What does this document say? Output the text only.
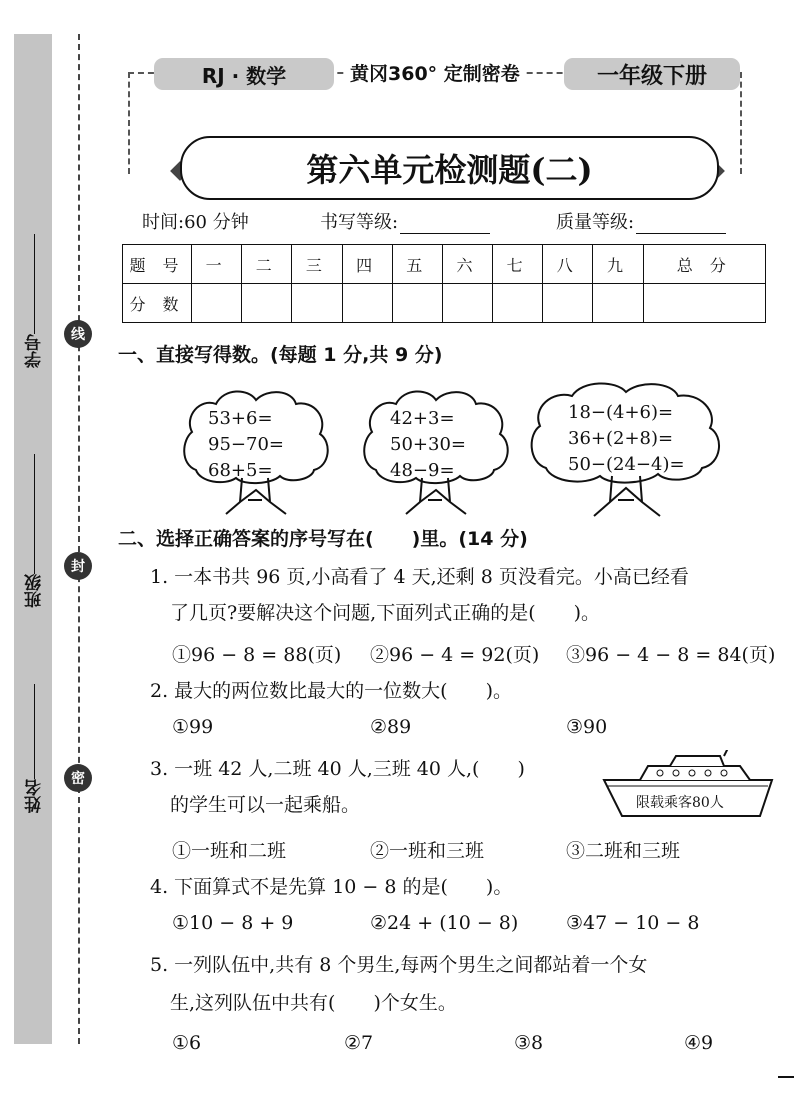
学号
班级
姓名
线
封
密
RJ · 数学	黄冈360° 定制密卷	一年级下册
第六单元检测题(二)
时间:60 分钟	书写等级:	质量等级:
题 号	一	二	三	四	五	六	七	八	九	总 分
分 数										
一、直接写得数。(每题 1 分,共 9 分)
53+6=
95−70=
68+5=
42+3=
50+30=
48−9=
18−(4+6)=
36+(2+8)=
50−(24−4)=
二、选择正确答案的序号写在(　　)里。(14 分)
1. 一本书共 96 页,小高看了 4 天,还剩 8 页没看完。小高已经看
了几页?要解决这个问题,下面列式正确的是(　　)。
①96 − 8 = 88(页) ②96 − 4 = 92(页) ③96 − 4 − 8 = 84(页)
2. 最大的两位数比最大的一位数大(　　)。
①99	②89	③90
3. 一班 42 人,二班 40 人,三班 40 人,(　　)
的学生可以一起乘船。	限载乘客80人
①一班和二班	②一班和三班	③二班和三班
4. 下面算式不是先算 10 − 8 的是(　　)。
①10 − 8 + 9	②24 + (10 − 8)	③47 − 10 − 8
5. 一列队伍中,共有 8 个男生,每两个男生之间都站着一个女
生,这列队伍中共有(　　)个女生。
①6	②7	③8	④9
